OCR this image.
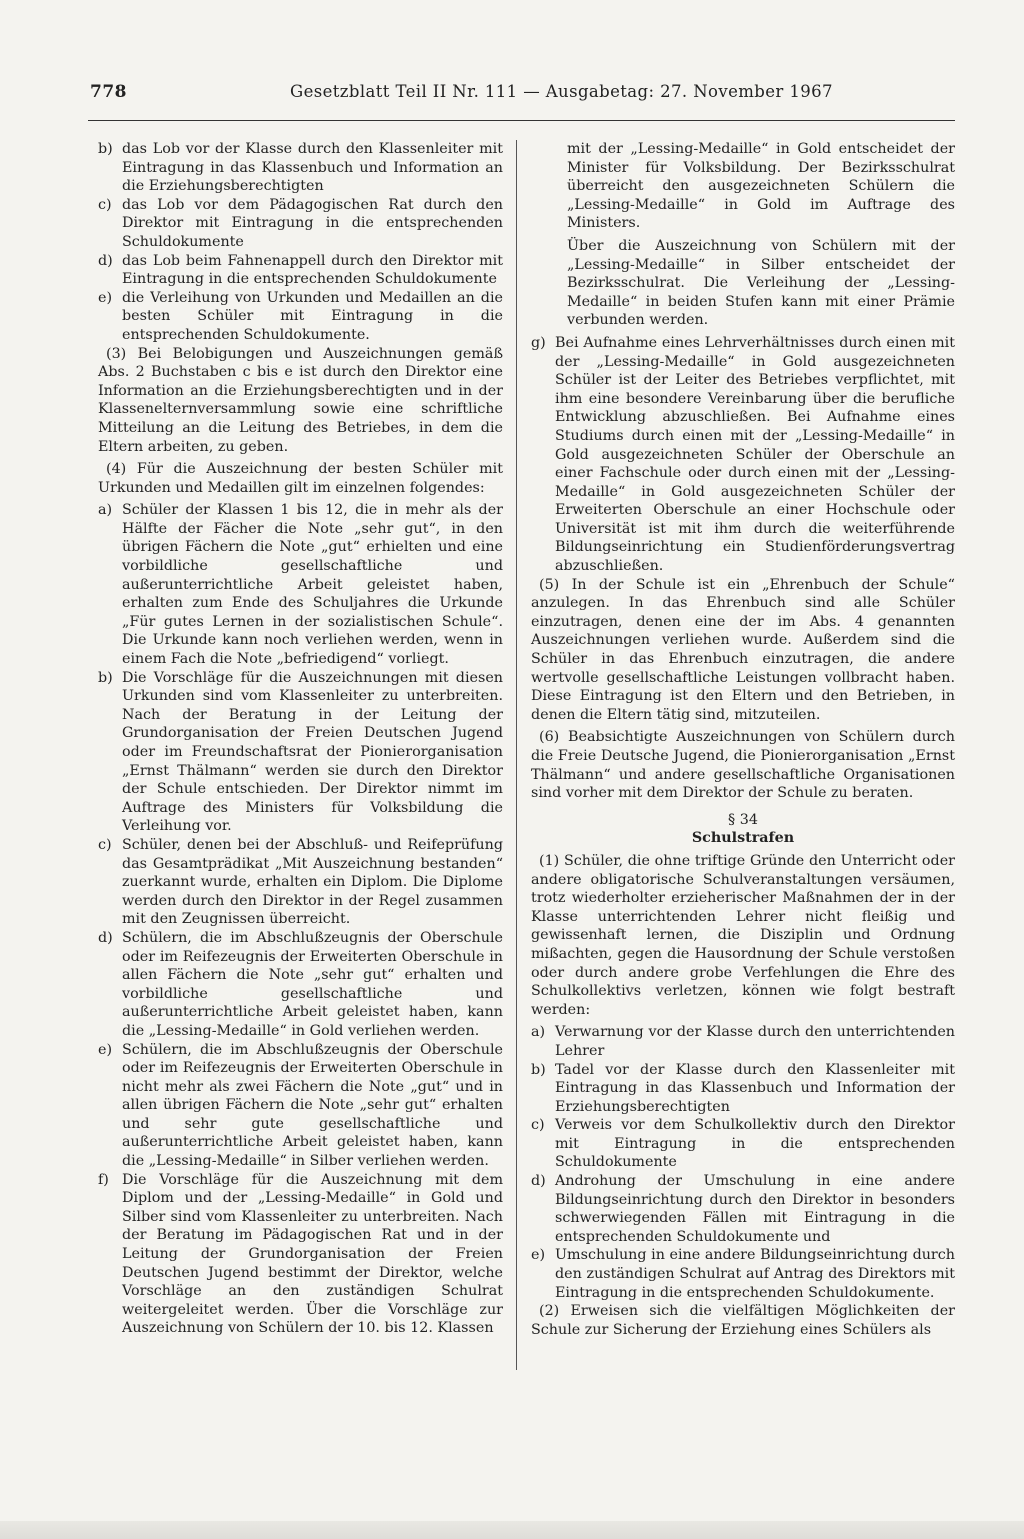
778	Gesetzblatt Teil II Nr. 111 — Ausgabetag: 27. November 1967

b) das Lob vor der Klasse durch den Klassenleiter mit Eintragung in das Klassenbuch und Information an die Erziehungsberechtigten

c) das Lob vor dem Pädagogischen Rat durch den Direktor mit Eintragung in die entsprechenden Schuldokumente

d) das Lob beim Fahnenappell durch den Direktor mit Eintragung in die entsprechenden Schuldokumente

e) die Verleihung von Urkunden und Medaillen an die besten Schüler mit Eintragung in die entsprechenden Schuldokumente.

(3) Bei Belobigungen und Auszeichnungen gemäß Abs. 2 Buchstaben c bis e ist durch den Direktor eine Information an die Erziehungsberechtigten und in der Klassenelternversammlung sowie eine schriftliche Mitteilung an die Leitung des Betriebes, in dem die Eltern arbeiten, zu geben.

(4) Für die Auszeichnung der besten Schüler mit Urkunden und Medaillen gilt im einzelnen folgendes:

a) Schüler der Klassen 1 bis 12, die in mehr als der Hälfte der Fächer die Note „sehr gut“, in den übrigen Fächern die Note „gut“ erhielten und eine vorbildliche gesellschaftliche und außerunterrichtliche Arbeit geleistet haben, erhalten zum Ende des Schuljahres die Urkunde „Für gutes Lernen in der sozialistischen Schule“. Die Urkunde kann noch verliehen werden, wenn in einem Fach die Note „befriedigend“ vorliegt.

b) Die Vorschläge für die Auszeichnungen mit diesen Urkunden sind vom Klassenleiter zu unterbreiten. Nach der Beratung in der Leitung der Grundorganisation der Freien Deutschen Jugend oder im Freundschaftsrat der Pionierorganisation „Ernst Thälmann“ werden sie durch den Direktor der Schule entschieden. Der Direktor nimmt im Auftrage des Ministers für Volksbildung die Verleihung vor.

c) Schüler, denen bei der Abschluß- und Reifeprüfung das Gesamtprädikat „Mit Auszeichnung bestanden“ zuerkannt wurde, erhalten ein Diplom. Die Diplome werden durch den Direktor in der Regel zusammen mit den Zeugnissen überreicht.

d) Schülern, die im Abschlußzeugnis der Oberschule oder im Reifezeugnis der Erweiterten Oberschule in allen Fächern die Note „sehr gut“ erhalten und vorbildliche gesellschaftliche und außerunterrichtliche Arbeit geleistet haben, kann die „Lessing-Medaille“ in Gold verliehen werden.

e) Schülern, die im Abschlußzeugnis der Oberschule oder im Reifezeugnis der Erweiterten Oberschule in nicht mehr als zwei Fächern die Note „gut“ und in allen übrigen Fächern die Note „sehr gut“ erhalten und sehr gute gesellschaftliche und außerunterrichtliche Arbeit geleistet haben, kann die „Lessing-Medaille“ in Silber verliehen werden.

f) Die Vorschläge für die Auszeichnung mit dem Diplom und der „Lessing-Medaille“ in Gold und Silber sind vom Klassenleiter zu unterbreiten. Nach der Beratung im Pädagogischen Rat und in der Leitung der Grundorganisation der Freien Deutschen Jugend bestimmt der Direktor, welche Vorschläge an den zuständigen Schulrat weitergeleitet werden. Über die Vorschläge zur Auszeichnung von Schülern der 10. bis 12. Klassen

mit der „Lessing-Medaille“ in Gold entscheidet der Minister für Volksbildung. Der Bezirksschulrat überreicht den ausgezeichneten Schülern die „Lessing-Medaille“ in Gold im Auftrage des Ministers.

Über die Auszeichnung von Schülern mit der „Lessing-Medaille“ in Silber entscheidet der Bezirksschulrat. Die Verleihung der „Lessing-Medaille“ in beiden Stufen kann mit einer Prämie verbunden werden.

g) Bei Aufnahme eines Lehrverhältnisses durch einen mit der „Lessing-Medaille“ in Gold ausgezeichneten Schüler ist der Leiter des Betriebes verpflichtet, mit ihm eine besondere Vereinbarung über die berufliche Entwicklung abzuschließen. Bei Aufnahme eines Studiums durch einen mit der „Lessing-Medaille“ in Gold ausgezeichneten Schüler der Oberschule an einer Fachschule oder durch einen mit der „Lessing-Medaille“ in Gold ausgezeichneten Schüler der Erweiterten Oberschule an einer Hochschule oder Universität ist mit ihm durch die weiterführende Bildungseinrichtung ein Studienförderungsvertrag abzuschließen.

(5) In der Schule ist ein „Ehrenbuch der Schule“ anzulegen. In das Ehrenbuch sind alle Schüler einzutragen, denen eine der im Abs. 4 genannten Auszeichnungen verliehen wurde. Außerdem sind die Schüler in das Ehrenbuch einzutragen, die andere wertvolle gesellschaftliche Leistungen vollbracht haben. Diese Eintragung ist den Eltern und den Betrieben, in denen die Eltern tätig sind, mitzuteilen.

(6) Beabsichtigte Auszeichnungen von Schülern durch die Freie Deutsche Jugend, die Pionierorganisation „Ernst Thälmann“ und andere gesellschaftliche Organisationen sind vorher mit dem Direktor der Schule zu beraten.

§ 34

Schulstrafen

(1) Schüler, die ohne triftige Gründe den Unterricht oder andere obligatorische Schulveranstaltungen versäumen, trotz wiederholter erzieherischer Maßnahmen der in der Klasse unterrichtenden Lehrer nicht fleißig und gewissenhaft lernen, die Disziplin und Ordnung mißachten, gegen die Hausordnung der Schule verstoßen oder durch andere grobe Verfehlungen die Ehre des Schulkollektivs verletzen, können wie folgt bestraft werden:

a) Verwarnung vor der Klasse durch den unterrichtenden Lehrer

b) Tadel vor der Klasse durch den Klassenleiter mit Eintragung in das Klassenbuch und Information der Erziehungsberechtigten

c) Verweis vor dem Schulkollektiv durch den Direktor mit Eintragung in die entsprechenden Schuldokumente

d) Androhung der Umschulung in eine andere Bildungseinrichtung durch den Direktor in besonders schwerwiegenden Fällen mit Eintragung in die entsprechenden Schuldokumente und

e) Umschulung in eine andere Bildungseinrichtung durch den zuständigen Schulrat auf Antrag des Direktors mit Eintragung in die entsprechenden Schuldokumente.

(2) Erweisen sich die vielfältigen Möglichkeiten der Schule zur Sicherung der Erziehung eines Schülers als
